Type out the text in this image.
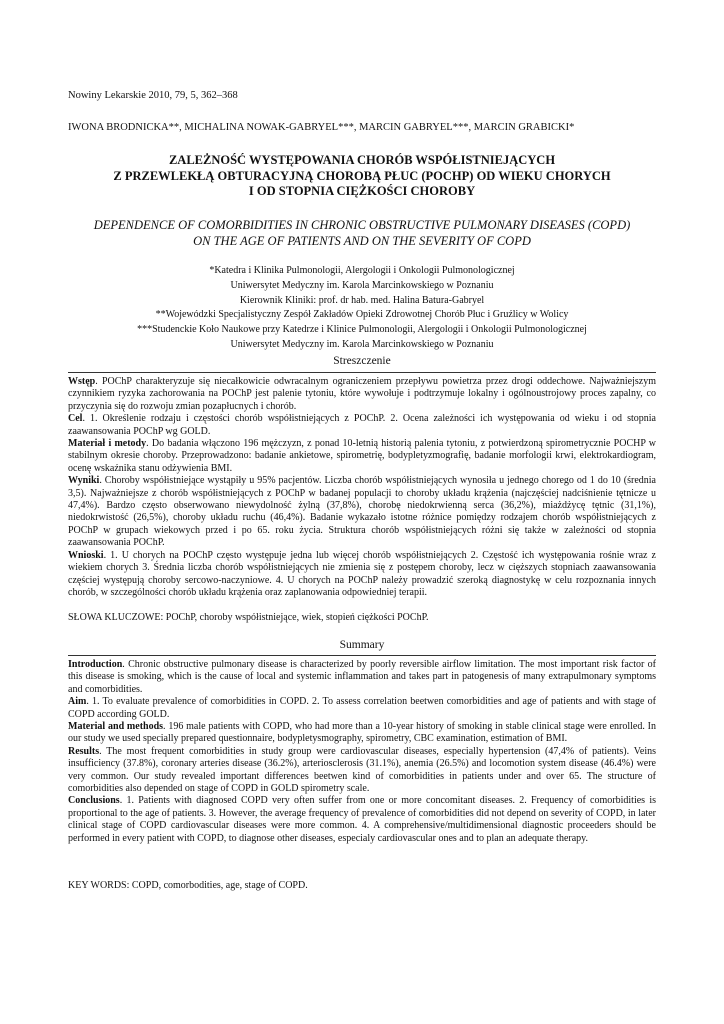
Nowiny Lekarskie 2010, 79, 5, 362–368
IWONA BRODNICKA**, MICHALINA NOWAK-GABRYEL***, MARCIN GABRYEL***, MARCIN GRABICKI*
ZALEŻNOŚĆ WYSTĘPOWANIA CHORÓB WSPÓŁISTNIEJĄCYCH
Z PRZEWLEKŁĄ OBTURACYJNĄ CHOROBĄ PŁUC (POCHP) OD WIEKU CHORYCH
I OD STOPNIA CIĘŻKOŚCI CHOROBY
DEPENDENCE OF COMORBIDITIES IN CHRONIC OBSTRUCTIVE PULMONARY DISEASES (COPD)
ON THE AGE OF PATIENTS AND ON THE SEVERITY OF COPD
*Katedra i Klinika Pulmonologii, Alergologii i Onkologii Pulmonologicznej
Uniwersytet Medyczny im. Karola Marcinkowskiego w Poznaniu
Kierownik Kliniki: prof. dr hab. med. Halina Batura-Gabryel
**Wojewódzki Specjalistyczny Zespół Zakładów Opieki Zdrowotnej Chorób Płuc i Gruźlicy w Wolicy
***Studenckie Koło Naukowe przy Katedrze i Klinice Pulmonologii, Alergologii i Onkologii Pulmonologicznej
Uniwersytet Medyczny im. Karola Marcinkowskiego w Poznaniu
Streszczenie

Wstęp. POChP charakteryzuje się niecałkowicie odwracalnym ograniczeniem przepływu powietrza przez drogi oddechowe. Najważniejszym czynnikiem ryzyka zachorowania na POChP jest palenie tytoniu, które wywołuje i podtrzymuje lokalny i ogólnoustrojowy proces zapalny, co przyczynia się do rozwoju zmian pozapłucnych i chorób.

Cel. 1. Określenie rodzaju i częstości chorób współistniejących z POChP. 2. Ocena zależności ich występowania od wieku i od stopnia zaawansowania POChP wg GOLD.

Materiał i metody. Do badania włączono 196 mężczyzn, z ponad 10-letnią historią palenia tytoniu, z potwierdzoną spirometrycznie POCHP w stabilnym okresie choroby. Przeprowadzono: badanie ankietowe, spirometrię, bodypletyzmografię, badanie morfologii krwi, elektrokardiogram, ocenę wskaźnika stanu odżywienia BMI.

Wyniki. Choroby współistniejące wystąpiły u 95% pacjentów. Liczba chorób współistniejących wynosiła u jednego chorego od 1 do 10 (średnia 3,5). Najważniejsze z chorób współistniejących z POChP w badanej populacji to choroby układu krążenia (najczęściej nadciśnienie tętnicze u 47,4%). Bardzo często obserwowano niewydolność żylną (37,8%), chorobę niedokrwienną serca (36,2%), miażdżycę tętnic (31,1%), niedokrwistość (26,5%), choroby układu ruchu (46,4%). Badanie wykazało istotne różnice pomiędzy rodzajem chorób współistniejących z POChP w grupach wiekowych przed i po 65. roku życia. Struktura chorób współistniejących różni się także w zależności od stopnia zaawansowania POChP.

Wnioski. 1. U chorych na POChP często występuje jedna lub więcej chorób współistniejących 2. Częstość ich występowania rośnie wraz z wiekiem chorych 3. Średnia liczba chorób współistniejących nie zmienia się z postępem choroby, lecz w cięższych stopniach zaawansowania częściej występują choroby sercowo-naczyniowe. 4. U chorych na POChP należy prowadzić szeroką diagnostykę w celu rozpoznania innych chorób, w szczególności chorób układu krążenia oraz zaplanowania odpowiedniej terapii.

SŁOWA KLUCZOWE: POChP, choroby współistniejące, wiek, stopień ciężkości POChP.
Summary

Introduction. Chronic obstructive pulmonary disease is characterized by poorly reversible airflow limitation. The most important risk factor of this disease is smoking, which is the cause of local and systemic inflammation and takes part in patogenesis of many extrapulmonary symptoms and comorbidities.

Aim. 1. To evaluate prevalence of comorbidities in COPD. 2. To assess correlation beetwen comorbidities and age of patients and with stage of COPD according GOLD.

Material and methods. 196 male patients with COPD, who had more than a 10-year history of smoking in stable clinical stage were enrolled. In our study we used specially prepared questionnaire, bodypletysmography, spirometry, CBC examination, estimation of BMI.

Results. The most frequent comorbidities in study group were cardiovascular diseases, especially hypertension (47,4% of patients). Veins insufficiency (37.8%), coronary arteries disease (36.2%), arteriosclerosis (31.1%), anemia (26.5%) and locomotion system disease (46.4%) were very common. Our study revealed important differences beetwen kind of comorbidities in patients under and over 65. The structure of comorbidities also depended on stage of COPD in GOLD spirometry scale.

Conclusions. 1. Patients with diagnosed COPD very often suffer from one or more concomitant diseases. 2. Frequency of comorbidities is proportional to the age of patients. 3. However, the average frequency of prevalence of comorbidities did not depend on severity of COPD, in later clinical stage of COPD cardiovascular diseases were more common. 4. A comprehensive/multidimensional diagnostic proceeders should be performed in every patient with COPD, to diagnose other diseases, especialy cardiovascular ones and to plan an adequate therapy.

KEY WORDS: COPD, comorbodities, age, stage of COPD.
